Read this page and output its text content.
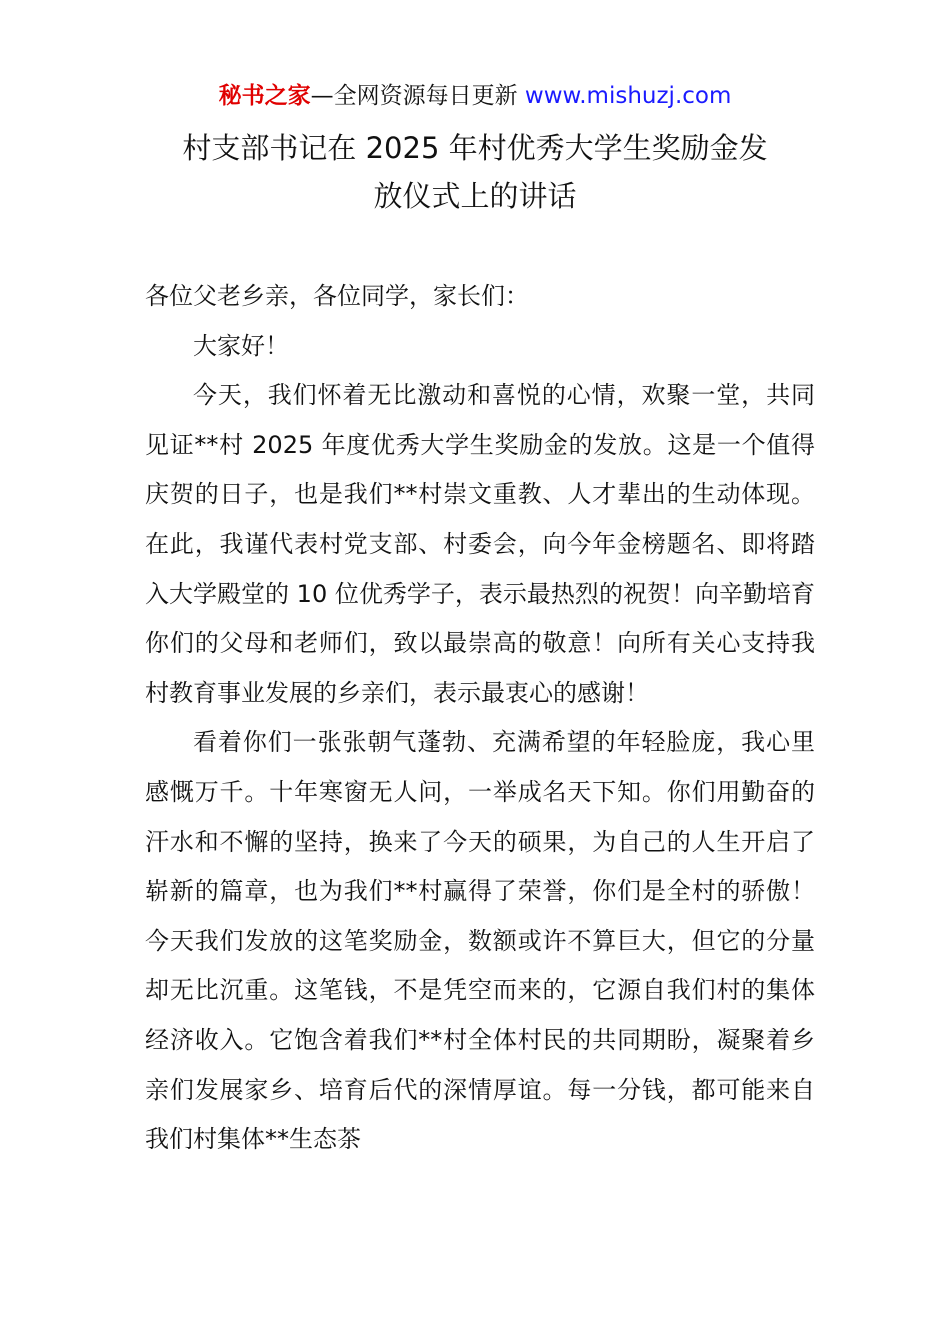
秘书之家—全网资源每日更新 www.mishuzj.com
村支部书记在 2025 年村优秀大学生奖励金发
放仪式上的讲话

各位父老乡亲，各位同学，家长们：

大家好！

今天，我们怀着无比激动和喜悦的心情，欢聚一堂，共同见证**村 2025 年度优秀大学生奖励金的发放。这是一个值得庆贺的日子，也是我们**村崇文重教、人才辈出的生动体现。在此，我谨代表村党支部、村委会，向今年金榜题名、即将踏入大学殿堂的 10 位优秀学子，表示最热烈的祝贺！向辛勤培育你们的父母和老师们，致以最崇高的敬意！向所有关心支持我村教育事业发展的乡亲们，表示最衷心的感谢！

看着你们一张张朝气蓬勃、充满希望的年轻脸庞，我心里感慨万千。十年寒窗无人问，一举成名天下知。你们用勤奋的汗水和不懈的坚持，换来了今天的硕果，为自己的人生开启了崭新的篇章，也为我们**村赢得了荣誉，你们是全村的骄傲！今天我们发放的这笔奖励金，数额或许不算巨大，但它的分量却无比沉重。这笔钱，不是凭空而来的，它源自我们村的集体经济收入。它饱含着我们**村全体村民的共同期盼，凝聚着乡亲们发展家乡、培育后代的深情厚谊。每一分钱，都可能来自我们村集体**生态茶
